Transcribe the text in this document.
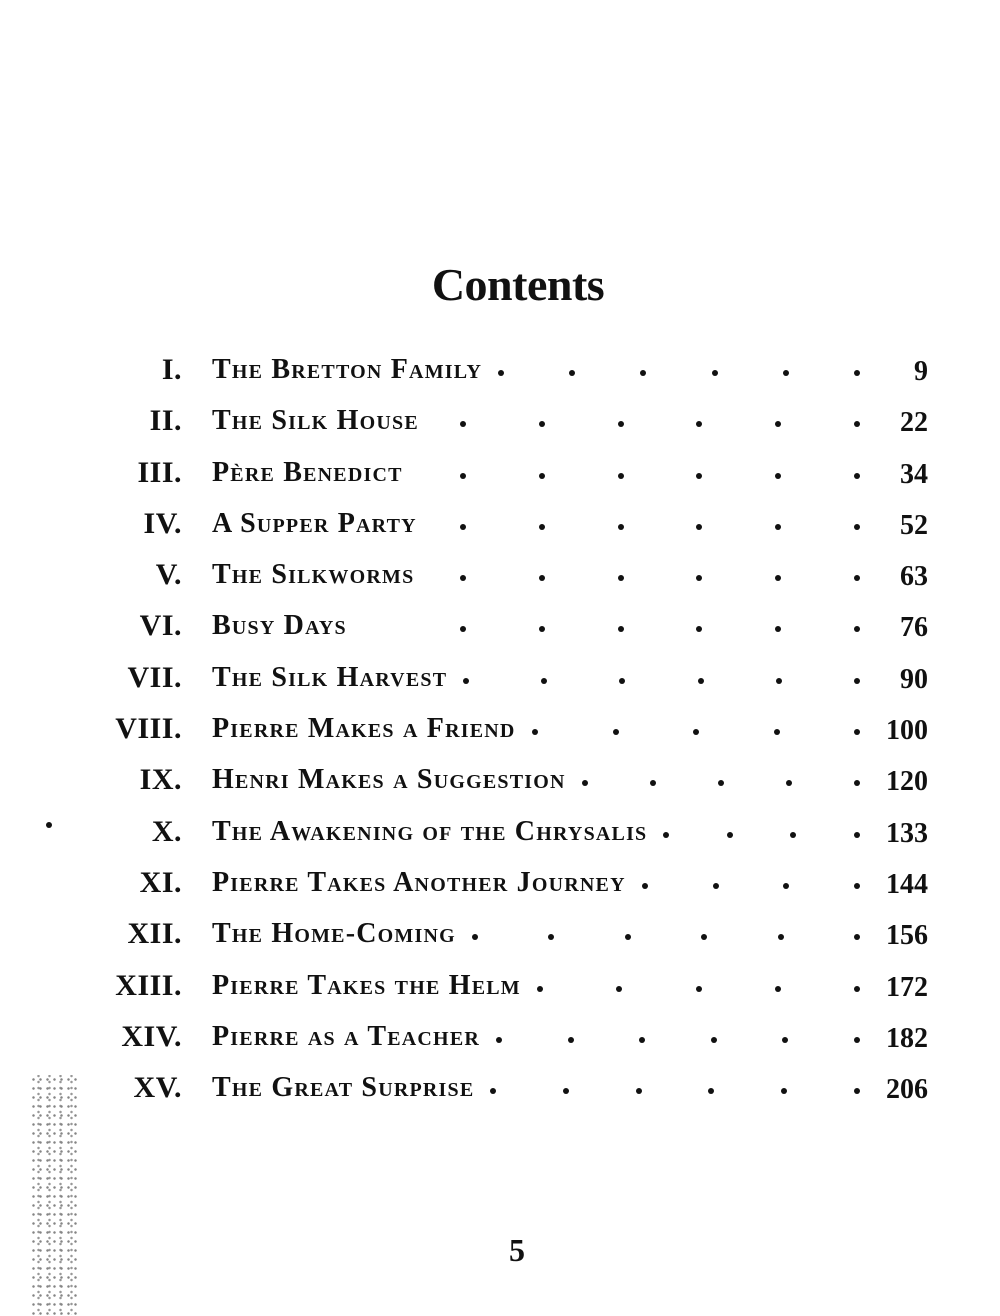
Contents
I. The Bretton Family	9
II. The Silk House	22
III. Père Benedict	34
IV. A Supper Party	52
V. The Silkworms	63
VI. Busy Days	76
VII. The Silk Harvest	90
VIII. Pierre Makes a Friend	100
IX. Henri Makes a Suggestion	120
X. The Awakening of the Chrysalis	133
XI. Pierre Takes Another Journey	144
XII. The Home-Coming	156
XIII. Pierre Takes the Helm	172
XIV. Pierre as a Teacher	182
XV. The Great Surprise	206
5
